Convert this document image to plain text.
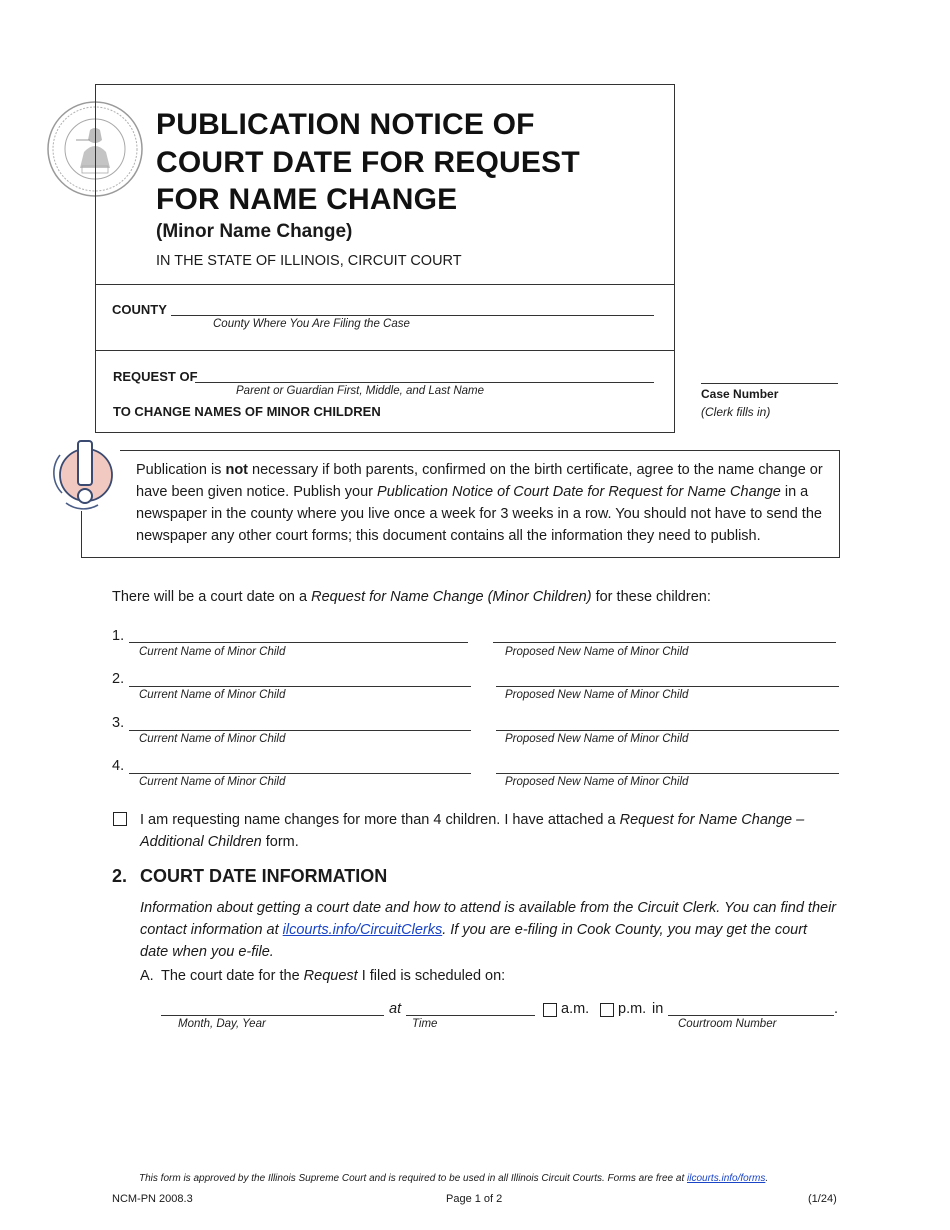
PUBLICATION NOTICE OF
COURT DATE FOR REQUEST
FOR NAME CHANGE
(Minor Name Change)
IN THE STATE OF ILLINOIS, CIRCUIT COURT
COUNTY
County Where You Are Filing the Case
REQUEST OF
Parent or Guardian First, Middle, and Last Name
TO CHANGE NAMES OF MINOR CHILDREN
Case Number
(Clerk fills in)
Publication is not necessary if both parents, confirmed on the birth certificate, agree to the name change or have been given notice. Publish your Publication Notice of Court Date for Request for Name Change in a newspaper in the county where you live once a week for 3 weeks in a row. You should not have to send the newspaper any other court forms; this document contains all the information they need to publish.
There will be a court date on a Request for Name Change (Minor Children) for these children:
1.
Current Name of Minor Child	Proposed New Name of Minor Child
2.
Current Name of Minor Child	Proposed New Name of Minor Child
3.
Current Name of Minor Child	Proposed New Name of Minor Child
4.
Current Name of Minor Child	Proposed New Name of Minor Child
I am requesting name changes for more than 4 children. I have attached a Request for Name Change –
Additional Children form.
2. COURT DATE INFORMATION
Information about getting a court date and how to attend is available from the Circuit Clerk. You can find their
contact information at ilcourts.info/CircuitClerks. If you are e-filing in Cook County, you may get the court
date when you e-file.
A. The court date for the Request I filed is scheduled on:
Month, Day, Year
at
Time
a.m. p.m. in	.
Courtroom Number
This form is approved by the Illinois Supreme Court and is required to be used in all Illinois Circuit Courts. Forms are free at ilcourts.info/forms.
NCM-PN 2008.3	Page 1 of 2	(1/24)
